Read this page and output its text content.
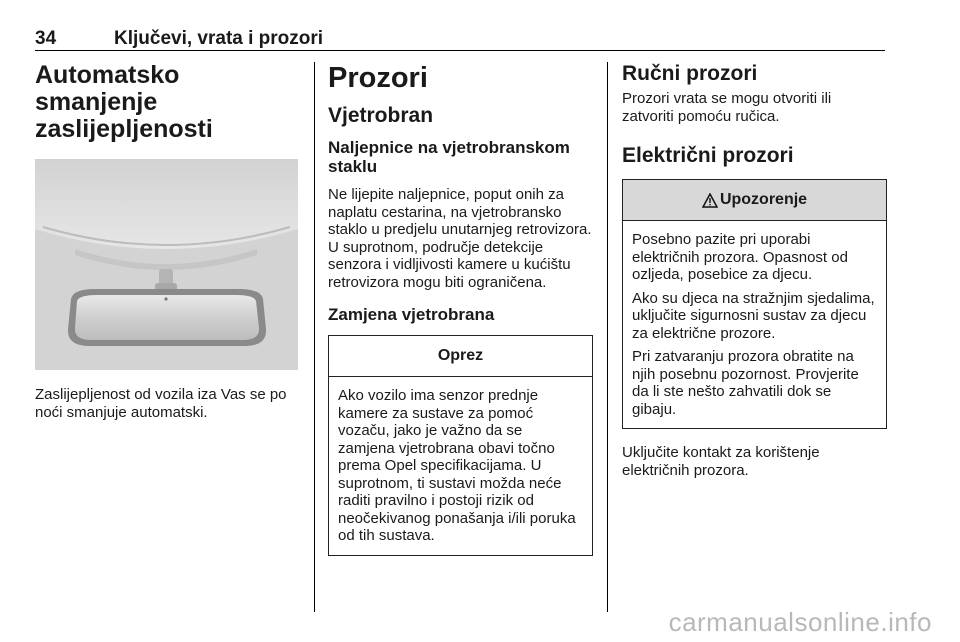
34	Ključevi, vrata i prozori
Automatsko smanjenje zaslijepljenosti

Zaslijepljenost od vozila iza Vas se po noći smanjuje automatski.

Prozori
Vjetrobran
Naljepnice na vjetrobranskom staklu

Ne lijepite naljepnice, poput onih za naplatu cestarina, na vjetrobransko staklo u predjelu unutarnjeg retrovizora. U suprotnom, područje detekcije senzora i vidljivosti kamere u kućištu retrovizora mogu biti ograničena.

Zamjena vjetrobrana
Oprez

Ako vozilo ima senzor prednje kamere za sustave za pomoć vozaču, jako je važno da se zamjena vjetrobrana obavi točno prema Opel specifikacijama. U suprotnom, ti sustavi možda neće raditi pravilno i postoji rizik od neočekivanog ponašanja i/ili poruka od tih sustava.

Ručni prozori

Prozori vrata se mogu otvoriti ili zatvoriti pomoću ručica.

Električni prozori
Upozorenje

Posebno pazite pri uporabi električnih prozora. Opasnost od ozljeda, posebice za djecu.

Ako su djeca na stražnjim sjedalima, uključite sigurnosni sustav za djecu za električne prozore.

Pri zatvaranju prozora obratite na njih posebnu pozornost. Provjerite da li ste nešto zahvatili dok se gibaju.

Uključite kontakt za korištenje električnih prozora.

carmanualsonline.info
